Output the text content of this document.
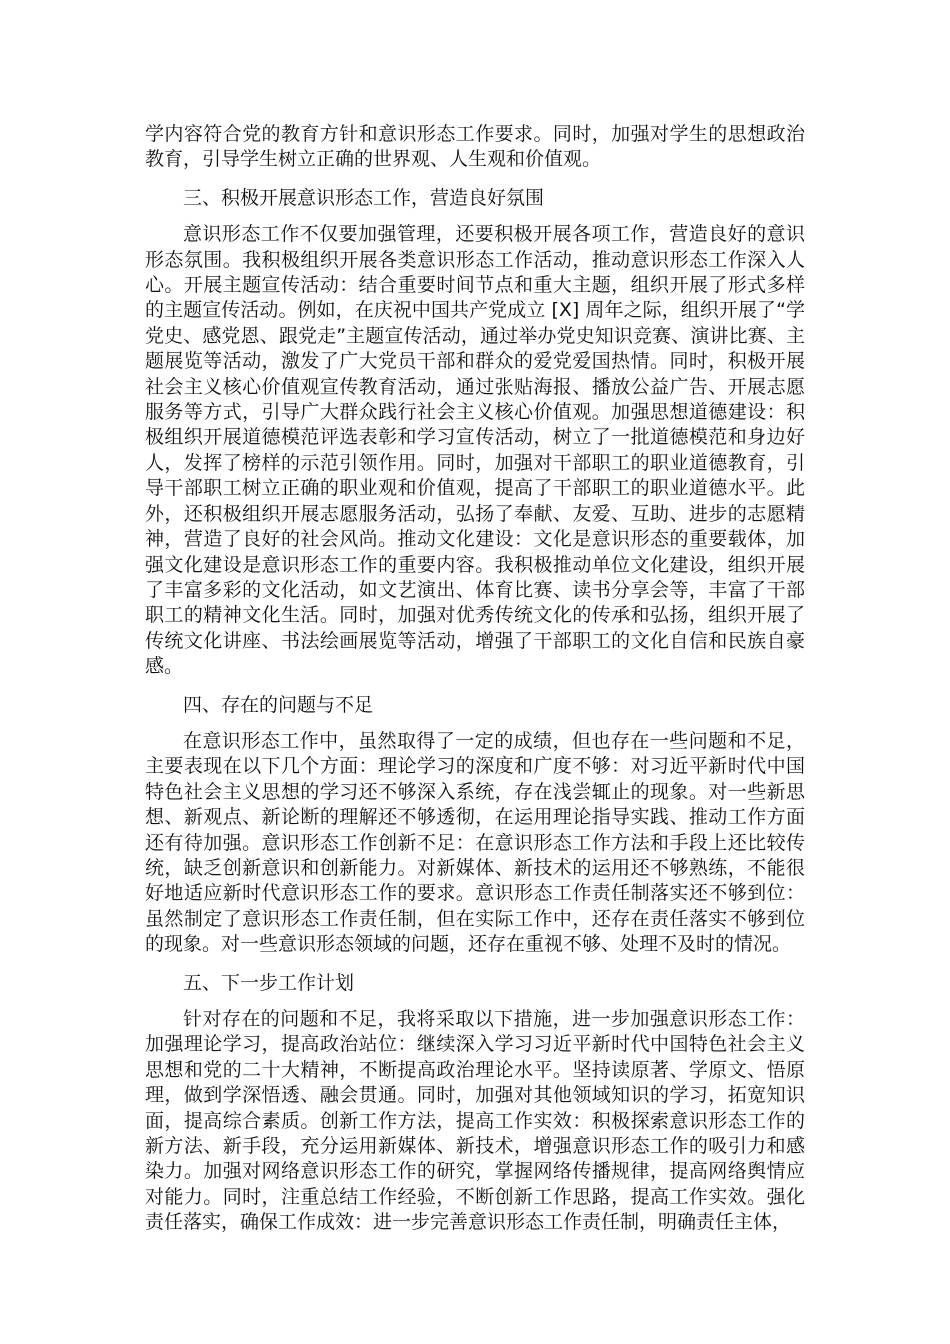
学内容符合党的教育方针和意识形态工作要求。同时，加强对学生的思想政治教育，引导学生树立正确的世界观、人生观和价值观。

三、积极开展意识形态工作，营造良好氛围

意识形态工作不仅要加强管理，还要积极开展各项工作，营造良好的意识形态氛围。我积极组织开展各类意识形态工作活动，推动意识形态工作深入人心。开展主题宣传活动：结合重要时间节点和重大主题，组织开展了形式多样的主题宣传活动。例如，在庆祝中国共产党成立 [X] 周年之际，组织开展了“学党史、感党恩、跟党走”主题宣传活动，通过举办党史知识竞赛、演讲比赛、主题展览等活动，激发了广大党员干部和群众的爱党爱国热情。同时，积极开展社会主义核心价值观宣传教育活动，通过张贴海报、播放公益广告、开展志愿服务等方式，引导广大群众践行社会主义核心价值观。加强思想道德建设：积极组织开展道德模范评选表彰和学习宣传活动，树立了一批道德模范和身边好人，发挥了榜样的示范引领作用。同时，加强对干部职工的职业道德教育，引导干部职工树立正确的职业观和价值观，提高了干部职工的职业道德水平。此外，还积极组织开展志愿服务活动，弘扬了奉献、友爱、互助、进步的志愿精神，营造了良好的社会风尚。推动文化建设：文化是意识形态的重要载体，加强文化建设是意识形态工作的重要内容。我积极推动单位文化建设，组织开展了丰富多彩的文化活动，如文艺演出、体育比赛、读书分享会等，丰富了干部职工的精神文化生活。同时，加强对优秀传统文化的传承和弘扬，组织开展了传统文化讲座、书法绘画展览等活动，增强了干部职工的文化自信和民族自豪感。

四、存在的问题与不足

在意识形态工作中，虽然取得了一定的成绩，但也存在一些问题和不足，主要表现在以下几个方面：理论学习的深度和广度不够：对习近平新时代中国特色社会主义思想的学习还不够深入系统，存在浅尝辄止的现象。对一些新思想、新观点、新论断的理解还不够透彻，在运用理论指导实践、推动工作方面还有待加强。意识形态工作创新不足：在意识形态工作方法和手段上还比较传统，缺乏创新意识和创新能力。对新媒体、新技术的运用还不够熟练，不能很好地适应新时代意识形态工作的要求。意识形态工作责任制落实还不够到位：虽然制定了意识形态工作责任制，但在实际工作中，还存在责任落实不够到位的现象。对一些意识形态领域的问题，还存在重视不够、处理不及时的情况。

五、下一步工作计划

针对存在的问题和不足，我将采取以下措施，进一步加强意识形态工作：加强理论学习，提高政治站位：继续深入学习习近平新时代中国特色社会主义思想和党的二十大精神，不断提高政治理论水平。坚持读原著、学原文、悟原理，做到学深悟透、融会贯通。同时，加强对其他领域知识的学习，拓宽知识面，提高综合素质。创新工作方法，提高工作实效：积极探索意识形态工作的新方法、新手段，充分运用新媒体、新技术，增强意识形态工作的吸引力和感染力。加强对网络意识形态工作的研究，掌握网络传播规律，提高网络舆情应对能力。同时，注重总结工作经验，不断创新工作思路，提高工作实效。强化责任落实，确保工作成效：进一步完善意识形态工作责任制，明确责任主体，
